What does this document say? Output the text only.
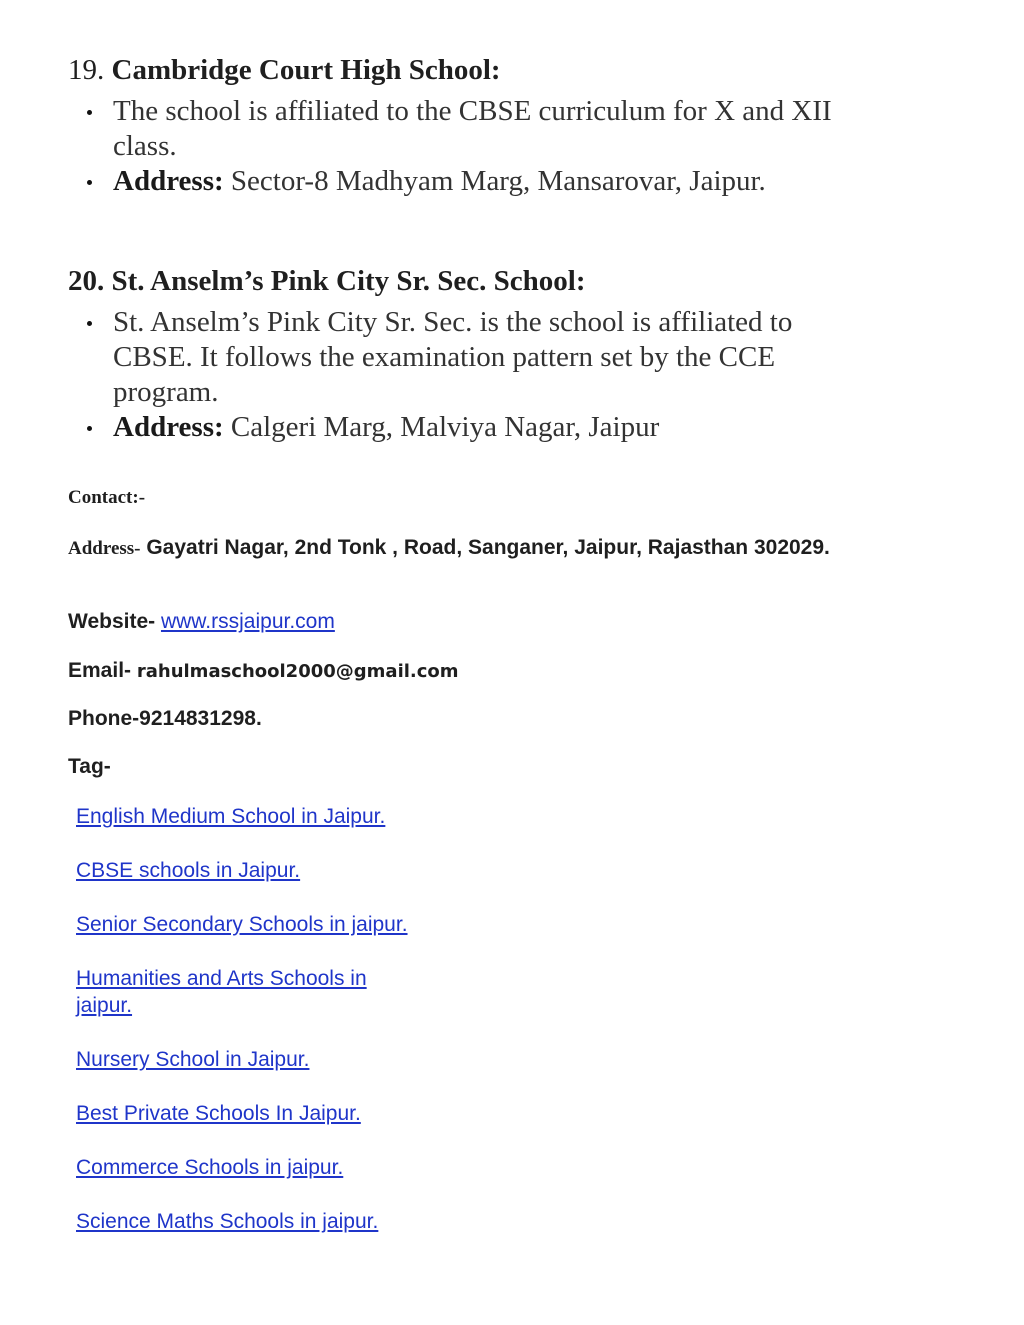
19. Cambridge Court High School:
The school is affiliated to the CBSE curriculum for X and XII class.
Address: Sector-8 Madhyam Marg, Mansarovar, Jaipur.
20. St. Anselm’s Pink City Sr. Sec. School:
St. Anselm’s Pink City Sr. Sec. is the school is affiliated to CBSE. It follows the examination pattern set by the CCE program.
Address: Calgeri Marg, Malviya Nagar, Jaipur
Contact:-
Address- Gayatri Nagar, 2nd Tonk , Road, Sanganer, Jaipur, Rajasthan 302029.
Website- www.rssjaipur.com
Email- rahulmaschool2000@gmail.com
Phone-9214831298.
Tag-
English Medium School in Jaipur.
CBSE schools in Jaipur.
Senior Secondary Schools in jaipur.
Humanities and Arts Schools in jaipur.
Nursery School in Jaipur.
Best Private Schools In Jaipur.
Commerce Schools in jaipur.
Science Maths Schools in jaipur.
